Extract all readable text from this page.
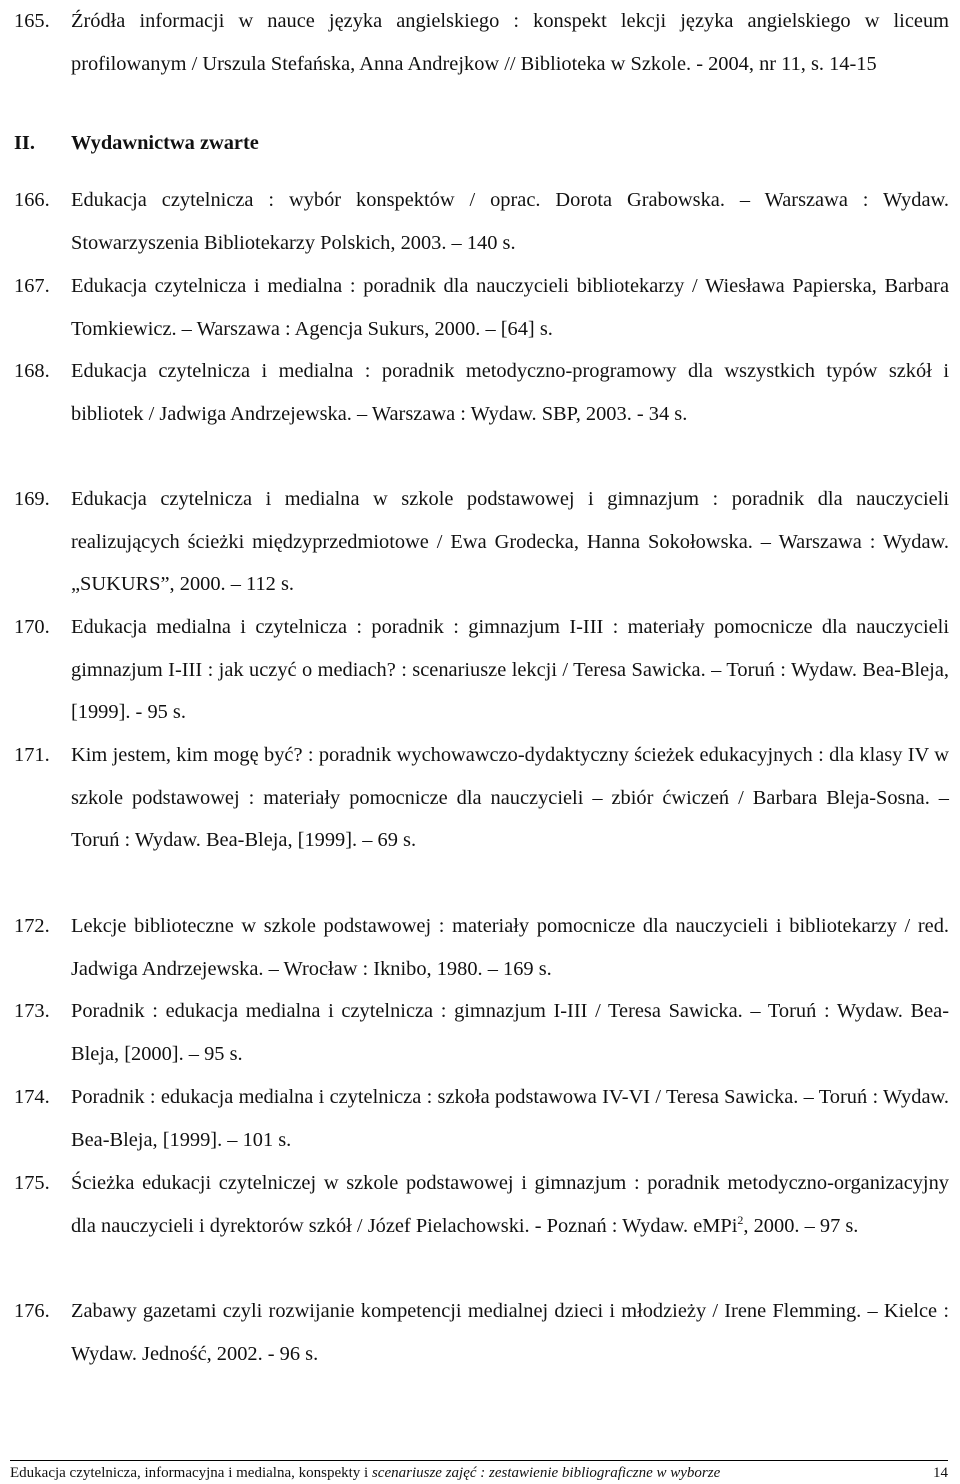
165. Źródła informacji w nauce języka angielskiego : konspekt lekcji języka angielskiego w liceum profilowanym / Urszula Stefańska, Anna Andrejkow // Biblioteka w Szkole. - 2004, nr 11, s. 14-15
II. Wydawnictwa zwarte
166. Edukacja czytelnicza : wybór konspektów / oprac. Dorota Grabowska. – Warszawa : Wydaw. Stowarzyszenia Bibliotekarzy Polskich, 2003. – 140 s.
167. Edukacja czytelnicza i medialna : poradnik dla nauczycieli bibliotekarzy / Wiesława Papierska, Barbara Tomkiewicz. – Warszawa : Agencja Sukurs, 2000. – [64] s.
168. Edukacja czytelnicza i medialna : poradnik metodyczno-programowy dla wszystkich typów szkół i bibliotek / Jadwiga Andrzejewska. – Warszawa : Wydaw. SBP, 2003. - 34 s.
169. Edukacja czytelnicza i medialna w szkole podstawowej i gimnazjum : poradnik dla nauczycieli realizujących ścieżki międzyprzedmiotowe / Ewa Grodecka, Hanna Sokołowska. – Warszawa : Wydaw. „SUKURS”, 2000. – 112 s.
170. Edukacja medialna i czytelnicza : poradnik : gimnazjum I-III : materiały pomocnicze dla nauczycieli gimnazjum I-III : jak uczyć o mediach? : scenariusze lekcji / Teresa Sawicka. – Toruń : Wydaw. Bea-Bleja, [1999]. - 95 s.
171. Kim jestem, kim mogę być? : poradnik wychowawczo-dydaktyczny ścieżek edukacyjnych : dla klasy IV w szkole podstawowej : materiały pomocnicze dla nauczycieli – zbiór ćwiczeń / Barbara Bleja-Sosna. – Toruń : Wydaw. Bea-Bleja, [1999]. – 69 s.
172. Lekcje biblioteczne w szkole podstawowej : materiały pomocnicze dla nauczycieli i bibliotekarzy / red. Jadwiga Andrzejewska. – Wrocław : Iknibo, 1980. – 169 s.
173. Poradnik : edukacja medialna i czytelnicza : gimnazjum I-III / Teresa Sawicka. – Toruń : Wydaw. Bea-Bleja, [2000]. – 95 s.
174. Poradnik : edukacja medialna i czytelnicza : szkoła podstawowa IV-VI / Teresa Sawicka. – Toruń : Wydaw. Bea-Bleja, [1999]. – 101 s.
175. Ścieżka edukacji czytelniczej w szkole podstawowej i gimnazjum : poradnik metodyczno-organizacyjny dla nauczycieli i dyrektorów szkół / Józef Pielachowski. - Poznań : Wydaw. eMPi$^2$, 2000. – 97 s.
176. Zabawy gazetami czyli rozwijanie kompetencji medialnej dzieci i młodzieży / Irene Flemming. – Kielce : Wydaw. Jedność, 2002. - 96 s.
Edukacja czytelnicza, informacyjna i medialna, konspekty i scenariusze zajęć : zestawienie bibliograficzne w wyborze	14
